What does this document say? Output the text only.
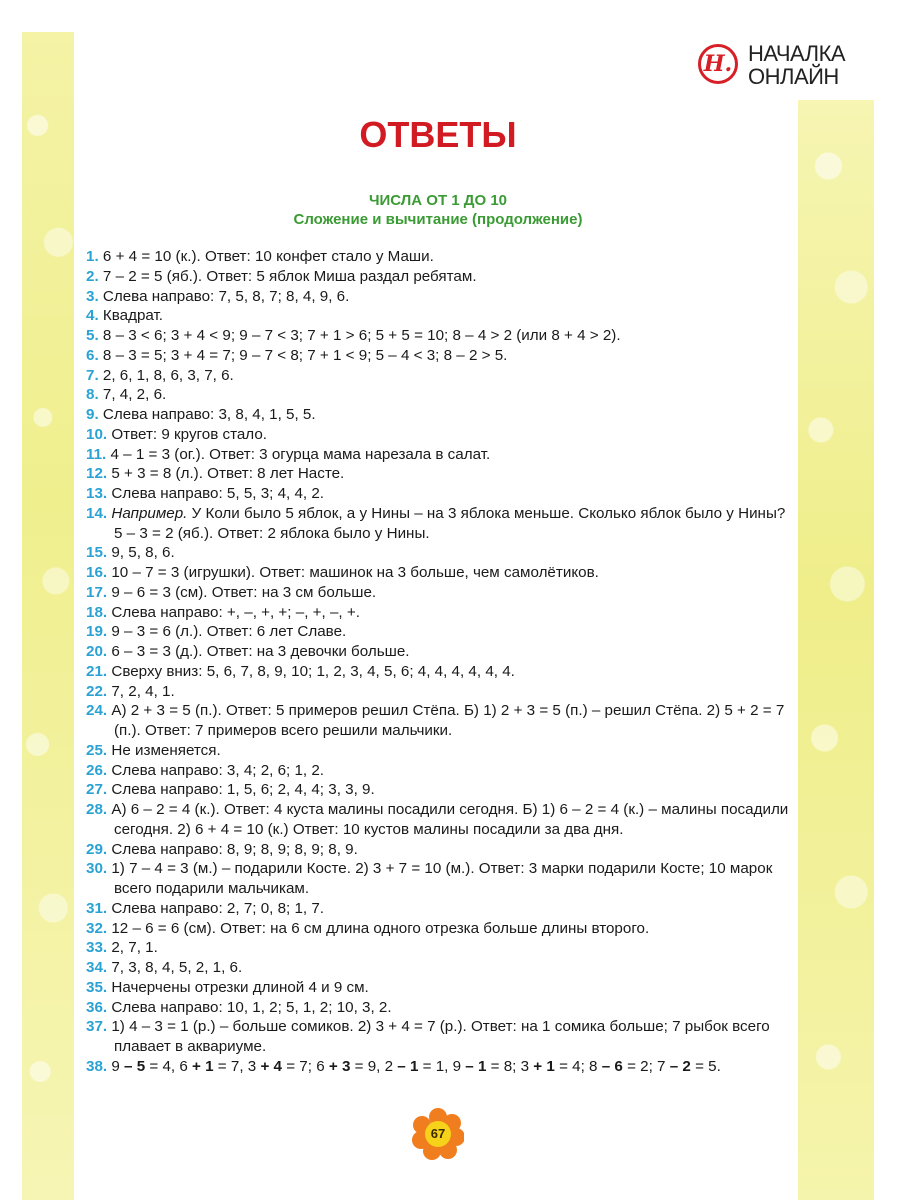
Н. НАЧАЛКА
ОНЛАЙН
ОТВЕТЫ
ЧИСЛА ОТ 1 ДО 10
Сложение и вычитание (продолжение)
1. 6 + 4 = 10 (к.). Ответ: 10 конфет стало у Маши.
2. 7 – 2 = 5 (яб.). Ответ: 5 яблок Миша раздал ребятам.
3. Слева направо: 7, 5, 8, 7; 8, 4, 9, 6.
4. Квадрат.
5. 8 – 3 < 6; 3 + 4 < 9; 9 – 7 < 3; 7 + 1 > 6; 5 + 5 = 10; 8 – 4 > 2 (или 8 + 4 > 2).
6. 8 – 3 = 5; 3 + 4 = 7; 9 – 7 < 8; 7 + 1 < 9; 5 – 4 < 3; 8 – 2 > 5.
7. 2, 6, 1, 8, 6, 3, 7, 6.
8. 7, 4, 2, 6.
9. Слева направо: 3, 8, 4, 1, 5, 5.
10. Ответ: 9 кругов стало.
11. 4 – 1 = 3 (ог.). Ответ: 3 огурца мама нарезала в салат.
12. 5 + 3 = 8 (л.). Ответ: 8 лет Насте.
13. Слева направо: 5, 5, 3; 4, 4, 2.
14. Например. У Коли было 5 яблок, а у Нины – на 3 яблока меньше. Сколько яблок было у Нины? 5 – 3 = 2 (яб.). Ответ: 2 яблока было у Нины.
15. 9, 5, 8, 6.
16. 10 – 7 = 3 (игрушки). Ответ: машинок на 3 больше, чем самолётиков.
17. 9 – 6 = 3 (см). Ответ: на 3 см больше.
18. Слева направо: +, –, +, +; –, +, –, +.
19. 9 – 3 = 6 (л.). Ответ: 6 лет Славе.
20. 6 – 3 = 3 (д.). Ответ: на 3 девочки больше.
21. Сверху вниз: 5, 6, 7, 8, 9, 10; 1, 2, 3, 4, 5, 6; 4, 4, 4, 4, 4, 4.
22. 7, 2, 4, 1.
24. А) 2 + 3 = 5 (п.). Ответ: 5 примеров решил Стёпа. Б) 1) 2 + 3 = 5 (п.) – решил Стёпа. 2) 5 + 2 = 7 (п.). Ответ: 7 примеров всего решили мальчики.
25. Не изменяется.
26. Слева направо: 3, 4; 2, 6; 1, 2.
27. Слева направо: 1, 5, 6; 2, 4, 4; 3, 3, 9.
28. А) 6 – 2 = 4 (к.). Ответ: 4 куста малины посадили сегодня. Б) 1) 6 – 2 = 4 (к.) – малины посадили сегодня. 2) 6 + 4 = 10 (к.) Ответ: 10 кустов малины посадили за два дня.
29. Слева направо: 8, 9; 8, 9; 8, 9; 8, 9.
30. 1) 7 – 4 = 3 (м.) – подарили Косте. 2) 3 + 7 = 10 (м.). Ответ: 3 марки подарили Косте; 10 марок всего подарили мальчикам.
31. Слева направо: 2, 7; 0, 8; 1, 7.
32. 12 – 6 = 6 (см). Ответ: на 6 см длина одного отрезка больше длины второго.
33. 2, 7, 1.
34. 7, 3, 8, 4, 5, 2, 1, 6.
35. Начерчены отрезки длиной 4 и 9 см.
36. Слева направо: 10, 1, 2; 5, 1, 2; 10, 3, 2.
37. 1) 4 – 3 = 1 (р.) – больше сомиков. 2) 3 + 4 = 7 (р.). Ответ: на 1 сомика больше; 7 рыбок всего плавает в аквариуме.
38. 9 – 5 = 4, 6 + 1 = 7, 3 + 4 = 7; 6 + 3 = 9, 2 – 1 = 1, 9 – 1 = 8; 3 + 1 = 4; 8 – 6 = 2; 7 – 2 = 5.
67
